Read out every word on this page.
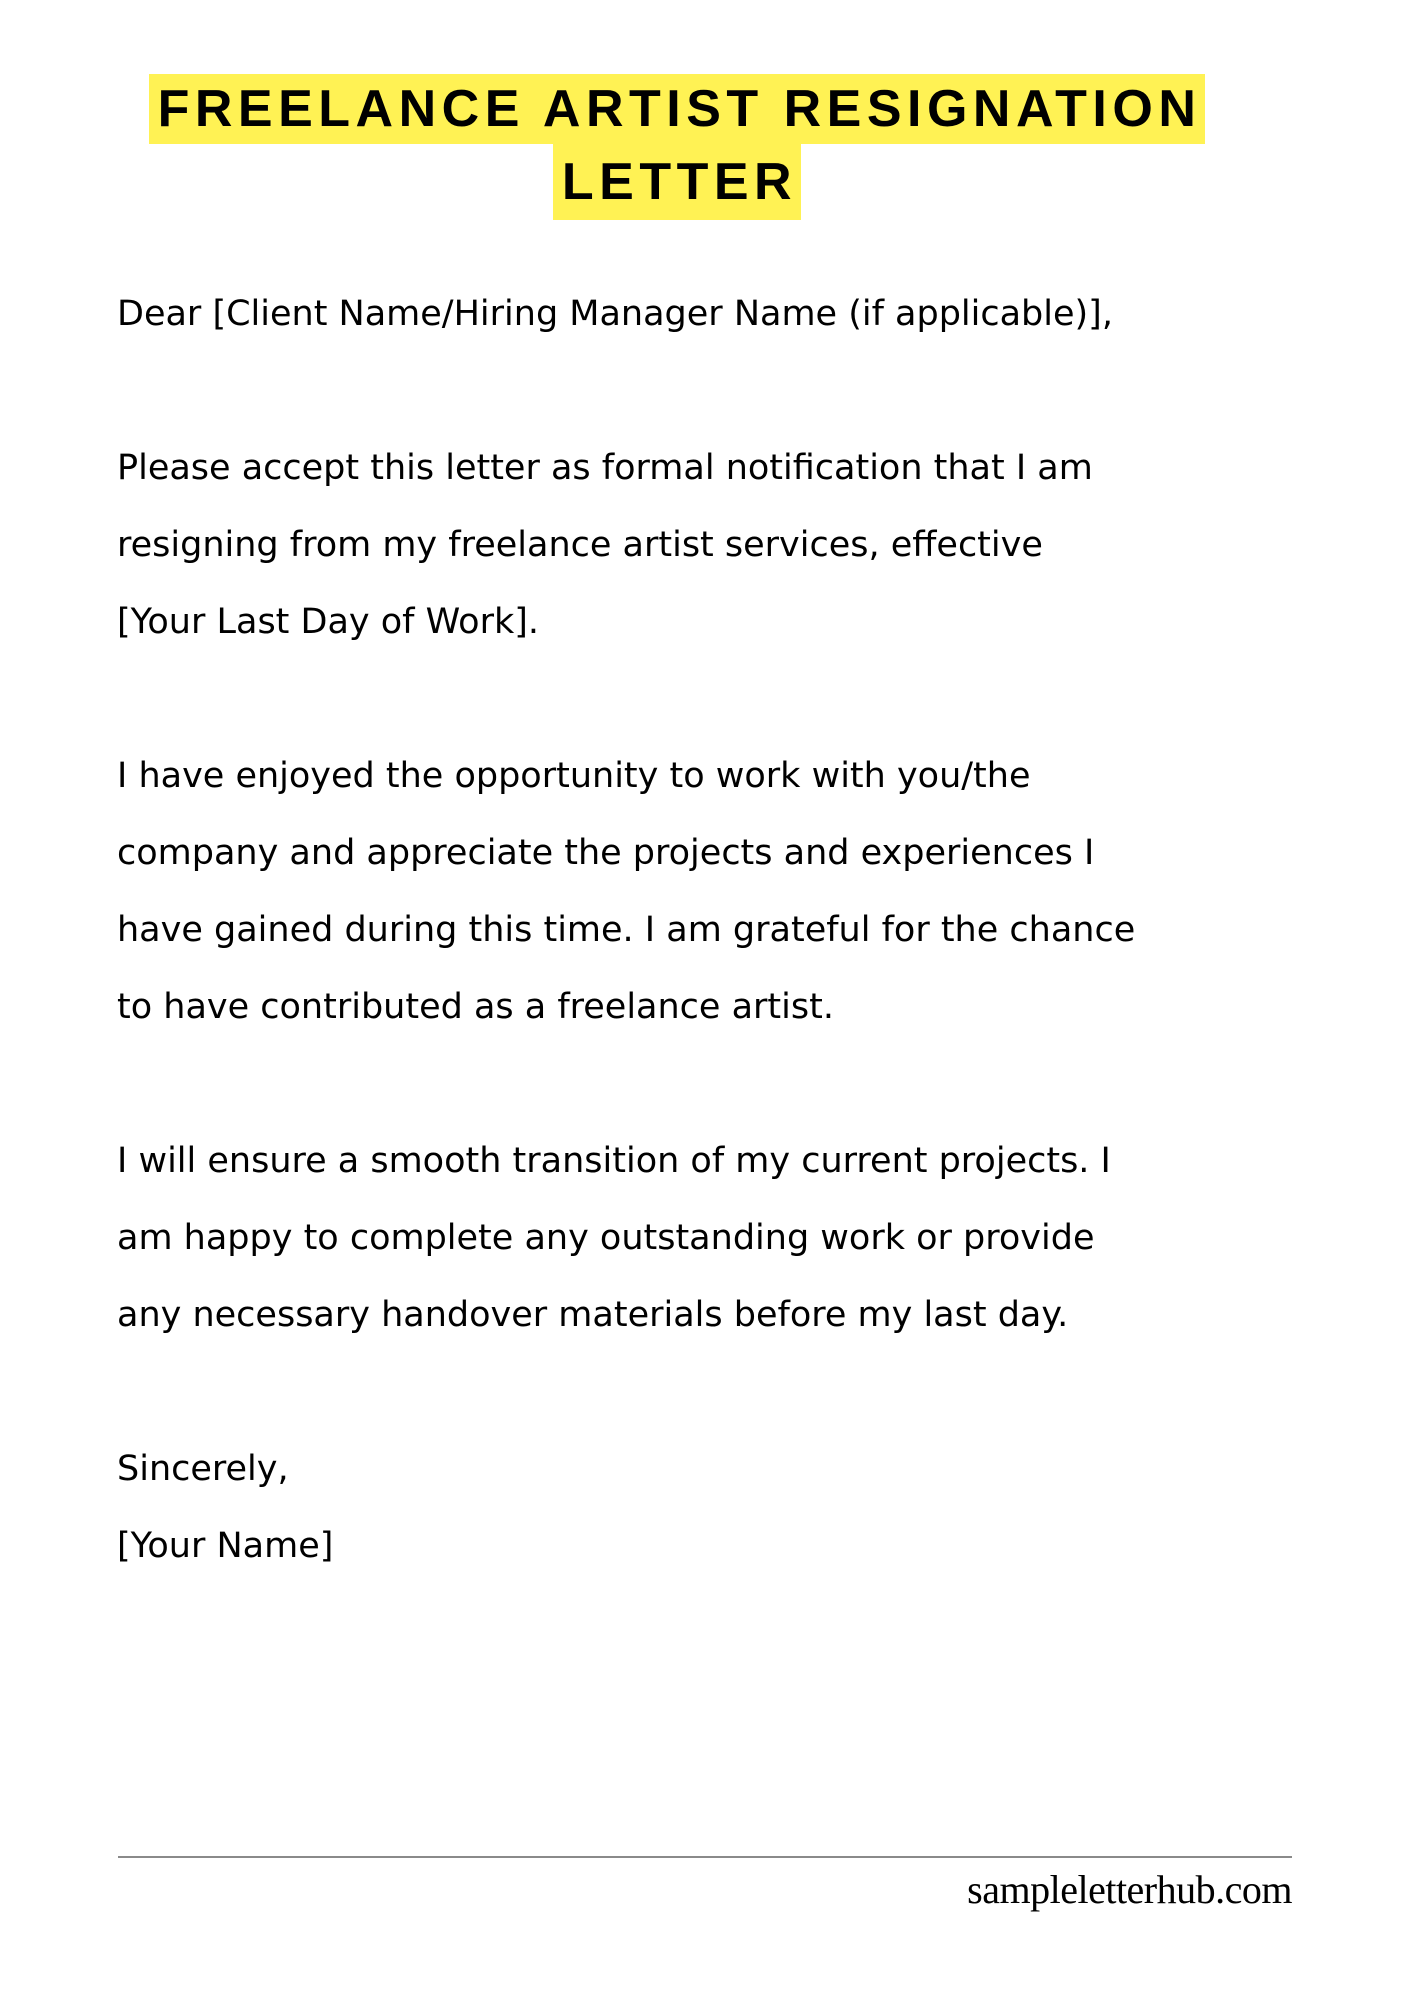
FREELANCE ARTIST RESIGNATION
LETTER
Dear [Client Name/Hiring Manager Name (if applicable)],
Please accept this letter as formal notification that I am
resigning from my freelance artist services, effective
[Your Last Day of Work].
I have enjoyed the opportunity to work with you/the
company and appreciate the projects and experiences I
have gained during this time. I am grateful for the chance
to have contributed as a freelance artist.
I will ensure a smooth transition of my current projects. I
am happy to complete any outstanding work or provide
any necessary handover materials before my last day.
Sincerely,
[Your Name]
sampleletterhub.com
